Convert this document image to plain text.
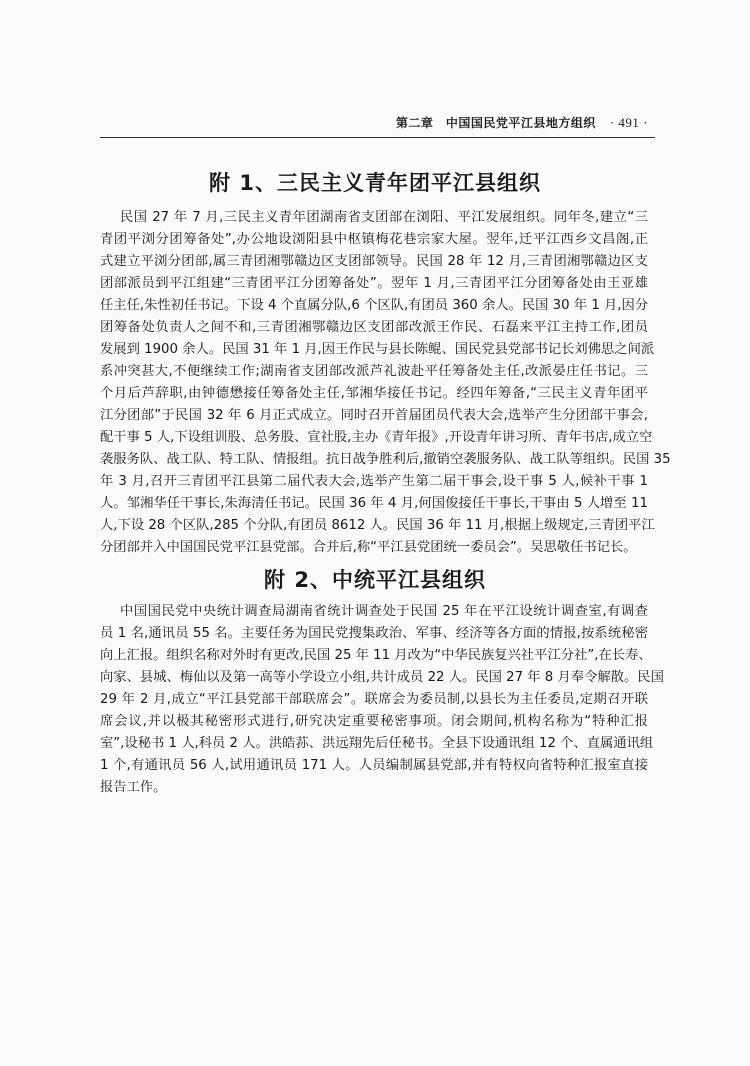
第二章　中国国民党平江县地方组织 · 491 ·
附 1、三民主义青年团平江县组织
民国 27 年 7 月,三民主义青年团湖南省支团部在浏阳、平江发展组织。同年冬,建立“三
青团平浏分团筹备处”,办公地设浏阳县中枢镇梅花巷宗家大屋。翌年,迁平江西乡文昌阁,正
式建立平浏分团部,属三青团湘鄂赣边区支团部领导。民国 28 年 12 月,三青团湘鄂赣边区支
团部派员到平江组建“三青团平江分团筹备处”。翌年 1 月,三青团平江分团筹备处由王亚雄
任主任,朱性初任书记。下设 4 个直属分队,6 个区队,有团员 360 余人。民国 30 年 1 月,因分
团筹备处负责人之间不和,三青团湘鄂赣边区支团部改派王作民、石磊来平江主持工作,团员
发展到 1900 余人。民国 31 年 1 月,因王作民与县长陈鲲、国民党县党部书记长刘佛思之间派
系冲突甚大,不便继续工作;湖南省支团部改派芦礼波赴平任筹备处主任,改派晏庄任书记。三
个月后芦辞职,由钟德懋接任筹备处主任,邹湘华接任书记。经四年筹备,“三民主义青年团平
江分团部”于民国 32 年 6 月正式成立。同时召开首届团员代表大会,选举产生分团部干事会,
配干事 5 人,下设组训股、总务股、宣社股,主办《青年报》,开设青年讲习所、青年书店,成立空
袭服务队、战工队、特工队、情报组。抗日战争胜利后,撤销空袭服务队、战工队等组织。民国 35
年 3 月,召开三青团平江县第二届代表大会,选举产生第二届干事会,设干事 5 人,候补干事 1
人。邹湘华任干事长,朱海清任书记。民国 36 年 4 月,何国俊接任干事长,干事由 5 人增至 11
人,下设 28 个区队,285 个分队,有团员 8612 人。民国 36 年 11 月,根据上级规定,三青团平江
分团部并入中国国民党平江县党部。合并后,称“平江县党团统一委员会”。吴思敬任书记长。
附 2、中统平江县组织
中国国民党中央统计调查局湖南省统计调查处于民国 25 年在平江设统计调查室,有调查
员 1 名,通讯员 55 名。主要任务为国民党搜集政治、军事、经济等各方面的情报,按系统秘密
向上汇报。组织名称对外时有更改,民国 25 年 11 月改为“中华民族复兴社平江分社”,在长寿、
向家、县城、梅仙以及第一高等小学设立小组,共计成员 22 人。民国 27 年 8 月奉令解散。民国
29 年 2 月,成立“平江县党部干部联席会”。联席会为委员制,以县长为主任委员,定期召开联
席会议,并以极其秘密形式进行,研究决定重要秘密事项。闭会期间,机构名称为“特种汇报
室”,设秘书 1 人,科员 2 人。洪皓荪、洪远翔先后任秘书。全县下设通讯组 12 个、直属通讯组
1 个,有通讯员 56 人,试用通讯员 171 人。人员编制属县党部,并有特权向省特种汇报室直接
报告工作。
